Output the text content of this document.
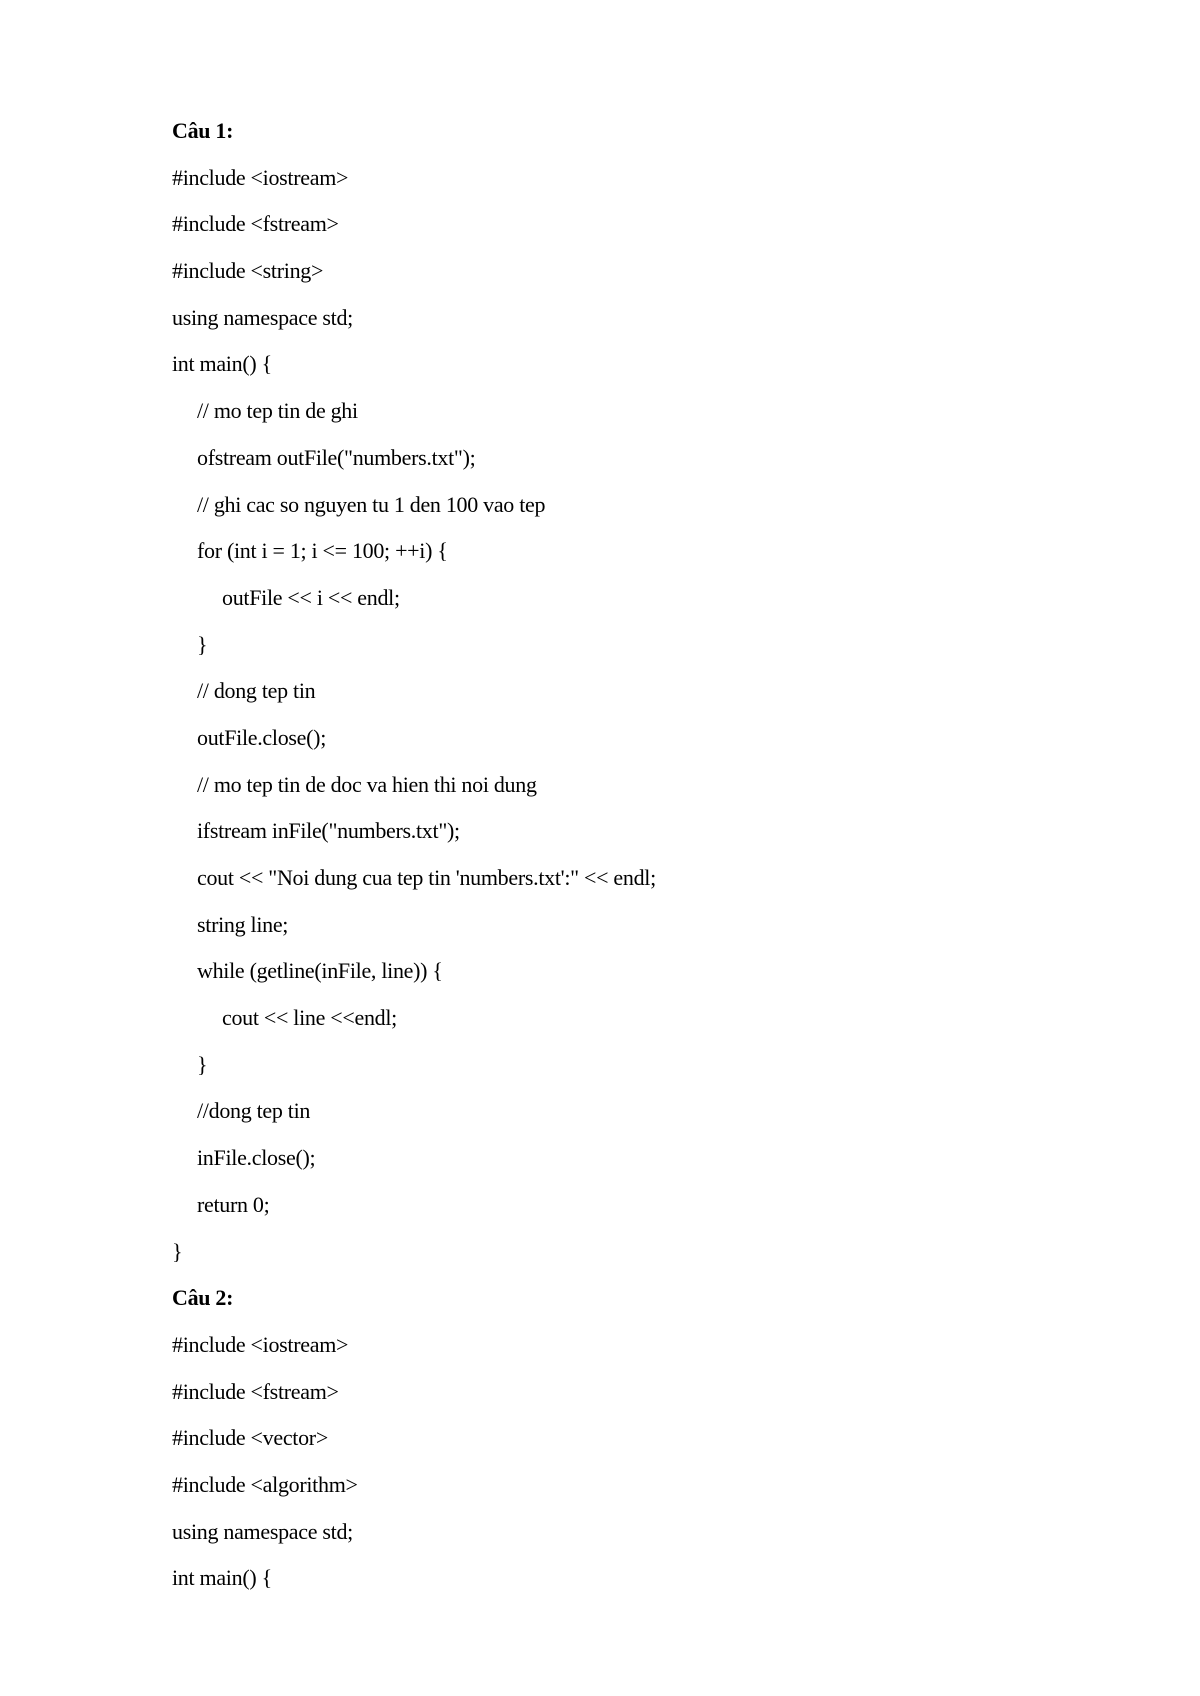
Câu 1:
#include <iostream>
#include <fstream>
#include <string>
using namespace std;
int main() {
// mo tep tin de ghi
ofstream outFile("numbers.txt");
// ghi cac so nguyen tu 1 den 100 vao tep
for (int i = 1; i <= 100; ++i) {
outFile << i << endl;
}
// dong tep tin
outFile.close();
// mo tep tin de doc va hien thi noi dung
ifstream inFile("numbers.txt");
cout << "Noi dung cua tep tin 'numbers.txt':" << endl;
string line;
while (getline(inFile, line)) {
cout << line <<endl;
}
//dong tep tin
inFile.close();
return 0;
}
Câu 2:
#include <iostream>
#include <fstream>
#include <vector>
#include <algorithm>
using namespace std;
int main() {
